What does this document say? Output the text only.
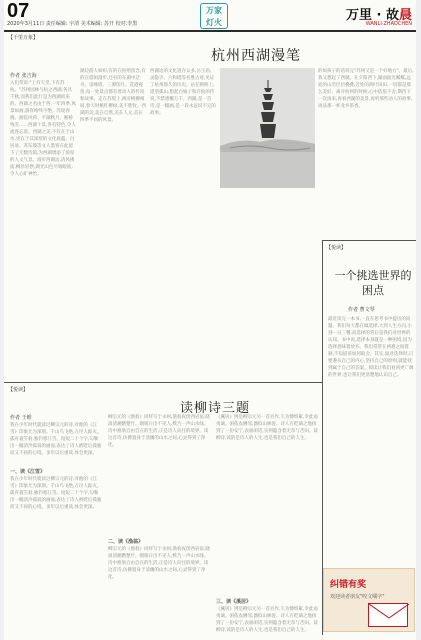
07
2020年3月11日 责任编辑: 宇清 美术编辑: 苏开 校对:李黑
万家
灯火	万里 · 故晨
WANLI·ZHAOCHEN
【千里万象】
杭州西湖漫笔
作者 张吉海
入们常说:"上有天堂,下有苏杭。"苏州园林与杭之西湖,各具千秋,而我们此行是为西湖而来的。西湖之名由于西,一年四季,风景如画,游客络绎不绝。苏堤春晓、曲院风荷、平湖秋月、断桥残雪……西湖十景,各有特色,令人流连忘返。西湖之美,不仅在于山水,更在于其深厚的文化底蕴。白居易、苏东坡等文人墨客在此留下了无数诗篇,为西湖增添了浓厚的人文气息。漫步西湖边,清风拂面,柳丝轻摆,湖光山色尽收眼底,令人心旷神怡。
湖边游人如织,有的在拍照留念,有的在悠闲漫步,还有的在湖中泛舟。雷峰塔、三潭印月、花港观鱼,每一处景点都有着动人的传说和故事。走在苏堤上,两旁桃柳相间,春天时桃红柳绿,美不胜收。西湖的美,美在自然,美在人文,美在四季不同的风景。
西湖边的文化遗存众多,岳王庙、灵隐寺、六和塔等名胜古迹,见证了杭州悠久的历史。站在断桥上,遥望孤山,想起白娘子和许仙的传说,不禁感慨万千。西湖,是一首诗,是一幅画,是一段永远说不完的故事。
的如孩子的话说完"苏州又是一个好地方"。最后,我又想起了西湖。在夕阳西下,湖面波光粼粼,远处的山峦层层叠叠,近处的荷叶田田,一切都是那么美好。离开杭州的时候,心中依依不舍,期待下一次再来,再看西湖的美景,再听那些动人的故事,再品那一杯龙井茶香。
【悦读】
一个挑选世界的困点
作者 曹文琴
最近读完一本书,一直在思考书中提出的问题。我们每天都在做选择,大到人生方向,小到一日三餐,而选择的背后是我们对世界的认知。书中说,选择本身就是一种困境,因为选择意味着放弃。我们常常在两难之间徘徊,不知道该如何取舍。其实,面对选择时,只要遵从自己的内心,坚持自己的原则,就能找到属于自己的答案。阅读让我们看到更广阔的世界,也让我们更清楚地认识自己。
纠错有奖
欢迎读者朋友"咬文嚼字"
【悦读】
读柳诗三题
作者 王维
我在少年时代就读过柳宗元的诗,对他的《江雪》印象尤为深刻。千山鸟飞绝,万径人踪灭。孤舟蓑笠翁,独钓寒江雪。短短二十个字,勾勒出一幅清冷孤寂的画面,表达了诗人被贬后孤独而又不屈的心境。多年以后重读,体会更深。
一、读《江雪》
我在少年时代就读过柳宗元的诗,对他的《江雪》印象尤为深刻。千山鸟飞绝,万径人踪灭。孤舟蓑笠翁,独钓寒江雪。短短二十个字,勾勒出一幅清冷孤寂的画面,表达了诗人被贬后孤独而又不屈的心境。多年以后重读,体会更深。
柳宗元的《渔翁》同样写于永州,渔翁夜傍西岩宿,晓汲清湘燃楚竹。烟销日出不见人,欸乃一声山水绿。诗中渔翁自由自在的生活,正是诗人向往的境界。读这首诗,仿佛置身于清幽的山水之间,心灵得到了净化。
二、读《渔翁》
柳宗元的《渔翁》同样写于永州,渔翁夜傍西岩宿,晓汲清湘燃楚竹。烟销日出不见人,欸乃一声山水绿。诗中渔翁自由自在的生活,正是诗人向往的境界。读这首诗,仿佛置身于清幽的山水之间,心灵得到了净化。
《溪居》则是柳宗元另一首名作,久为簪组累,幸此南夷谪。闲依农圃邻,偶似山林客。诗人在贬谪之地找到了一份安宁,表面闲适,实则隐含着无奈与苦闷。读柳诗,读的是诗人的人生,也是我们自己的人生。
三、读《溪居》
《溪居》则是柳宗元另一首名作,久为簪组累,幸此南夷谪。闲依农圃邻,偶似山林客。诗人在贬谪之地找到了一份安宁,表面闲适,实则隐含着无奈与苦闷。读柳诗,读的是诗人的人生,也是我们自己的人生。
